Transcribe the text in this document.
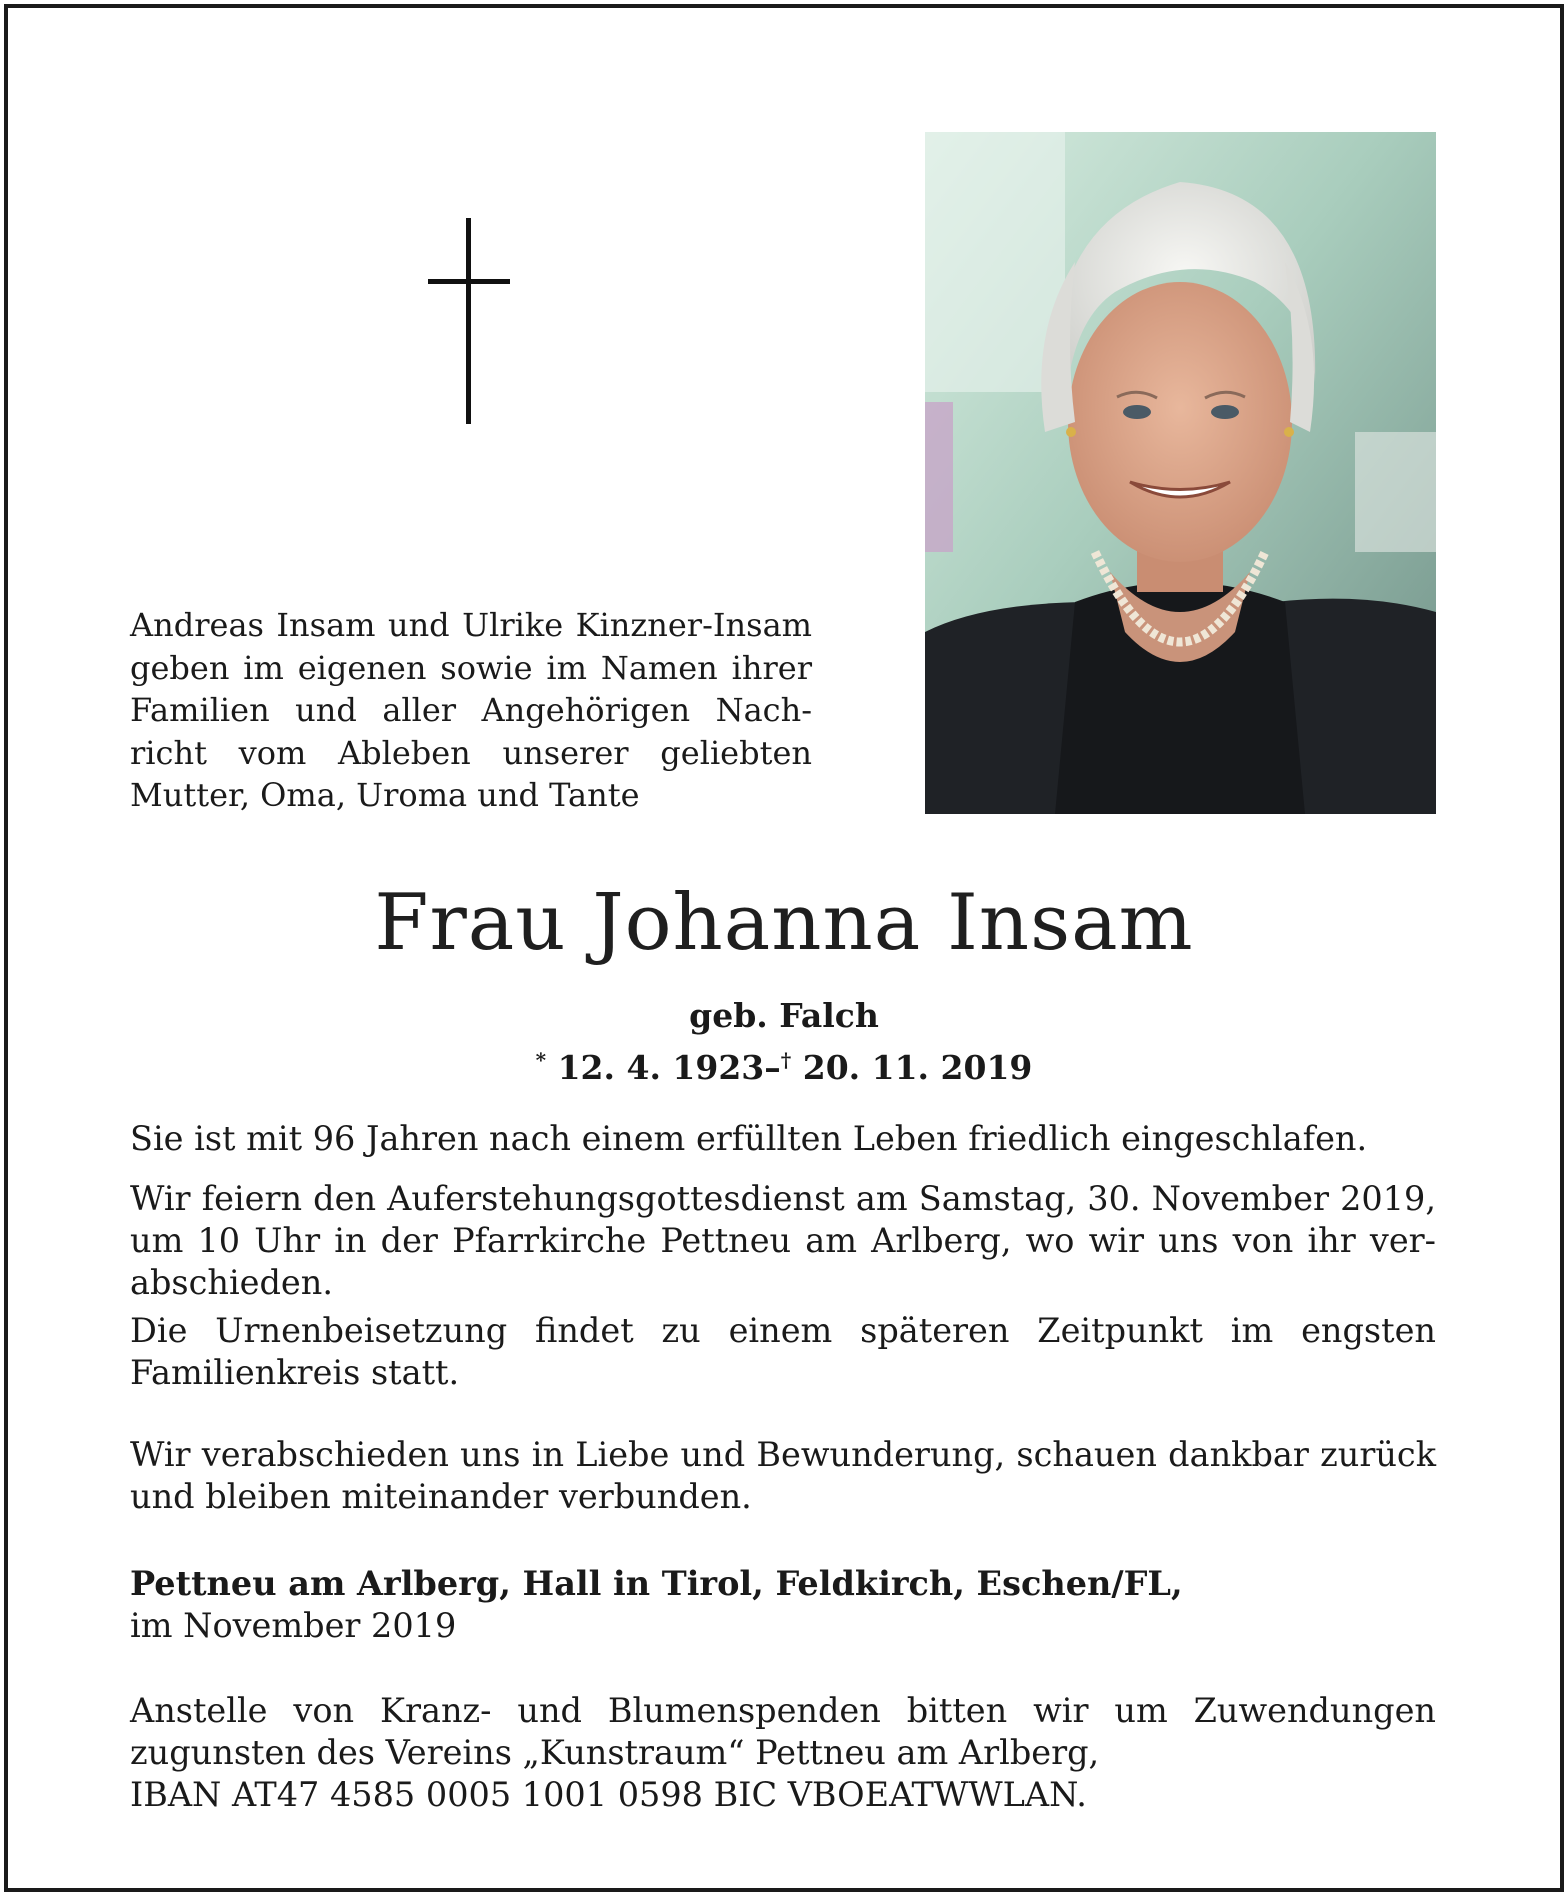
Andreas Insam und Ulrike Kinzner-Insam
geben im eigenen sowie im Namen ihrer
Familien und aller Angehörigen Nach-
richt vom Ableben unserer geliebten
Mutter, Oma, Uroma und Tante
Frau Johanna Insam
geb. Falch
* 12. 4. 1923–† 20. 11. 2019
Sie ist mit 96 Jahren nach einem erfüllten Leben friedlich eingeschlafen.
Wir feiern den Auferstehungsgottesdienst am Samstag, 30. November 2019,
um 10 Uhr in der Pfarrkirche Pettneu am Arlberg, wo wir uns von ihr ver-
abschieden.
Die Urnenbeisetzung findet zu einem späteren Zeitpunkt im engsten
Familienkreis statt.
Wir verabschieden uns in Liebe und Bewunderung, schauen dankbar zurück
und bleiben miteinander verbunden.
Pettneu am Arlberg, Hall in Tirol, Feldkirch, Eschen/FL,
im November 2019
Anstelle von Kranz- und Blumenspenden bitten wir um Zuwendungen
zugunsten des Vereins „Kunstraum“ Pettneu am Arlberg,
IBAN AT47 4585 0005 1001 0598 BIC VBOEATWWLAN.
